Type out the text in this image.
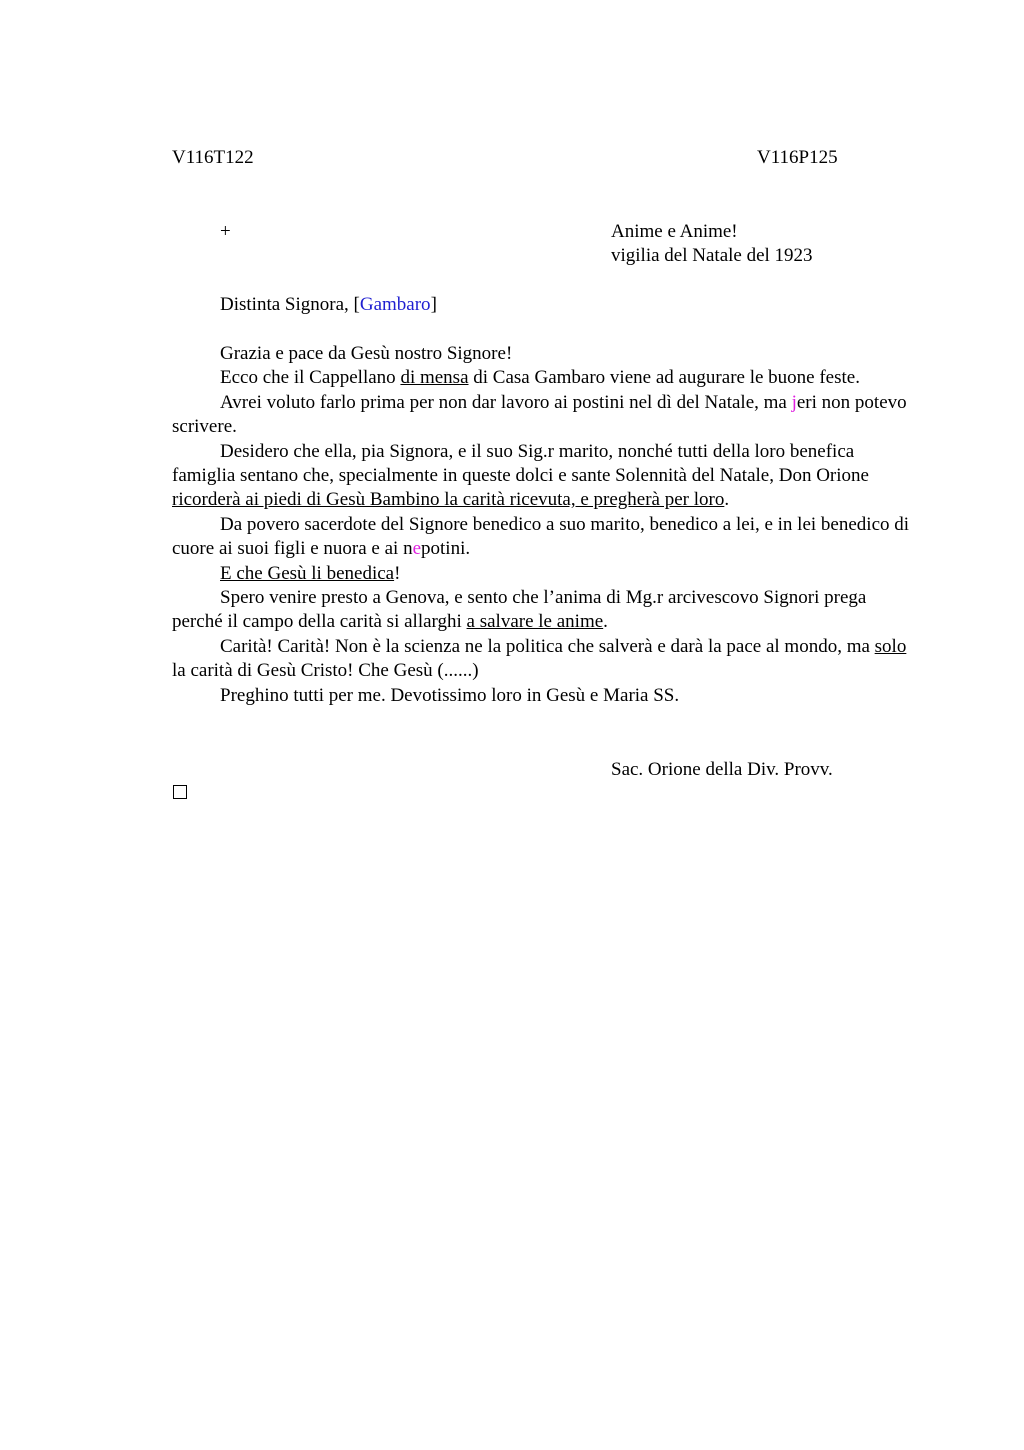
V116T122	V116P125
+	Anime e Anime!
vigilia del Natale del 1923
Distinta Signora, [Gambaro]

Grazia e pace da Gesù nostro Signore!

Ecco che il Cappellano di mensa di Casa Gambaro viene ad augurare le buone feste.

Avrei voluto farlo prima per non dar lavoro ai postini nel dì del Natale, ma jeri non potevo scrivere.

Desidero che ella, pia Signora, e il suo Sig.r marito, nonché tutti della loro benefica famiglia sentano che, specialmente in queste dolci e sante Solennità del Natale, Don Orione

ricorderà ai piedi di Gesù Bambino la carità ricevuta, e pregherà per loro.

Da povero sacerdote del Signore benedico a suo marito, benedico a lei, e in lei benedico di cuore ai suoi figli e nuora e ai nepotini.

E che Gesù li benedica!

Spero venire presto a Genova, e sento che l’anima di Mg.r arcivescovo Signori prega perché il campo della carità si allarghi a salvare le anime.

Carità! Carità! Non è la scienza ne la politica che salverà e darà la pace al mondo, ma solo la carità di Gesù Cristo! Che Gesù (......)

Preghino tutti per me. Devotissimo loro in Gesù e Maria SS.

Sac. Orione della Div. Provv.
